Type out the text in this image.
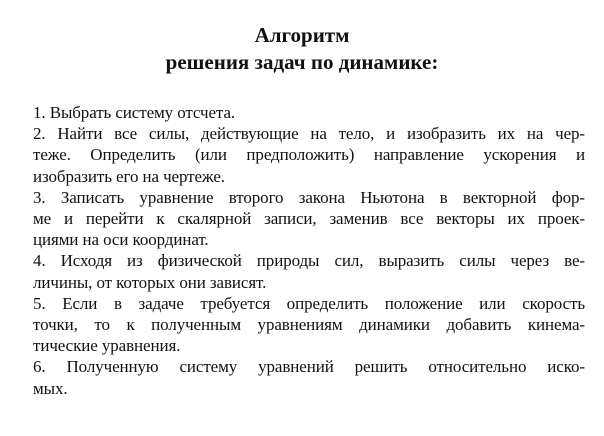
Алгоритм
решения задач по динамике:
1. Выбрать систему отсчета.
2. Найти все силы, действующие на тело, и изобразить их на чер-
теже. Определить (или предположить) направление ускорения и
изобразить его на чертеже.
3. Записать уравнение второго закона Ньютона в векторной фор-
ме и перейти к скалярной записи, заменив все векторы их проек-
циями на оси координат.
4. Исходя из физической природы сил, выразить силы через ве-
личины, от которых они зависят.
5. Если в задаче требуется определить положение или скорость
точки, то к полученным уравнениям динамики добавить кинема-
тические уравнения.
6. Полученную систему уравнений решить относительно иско-
мых.
